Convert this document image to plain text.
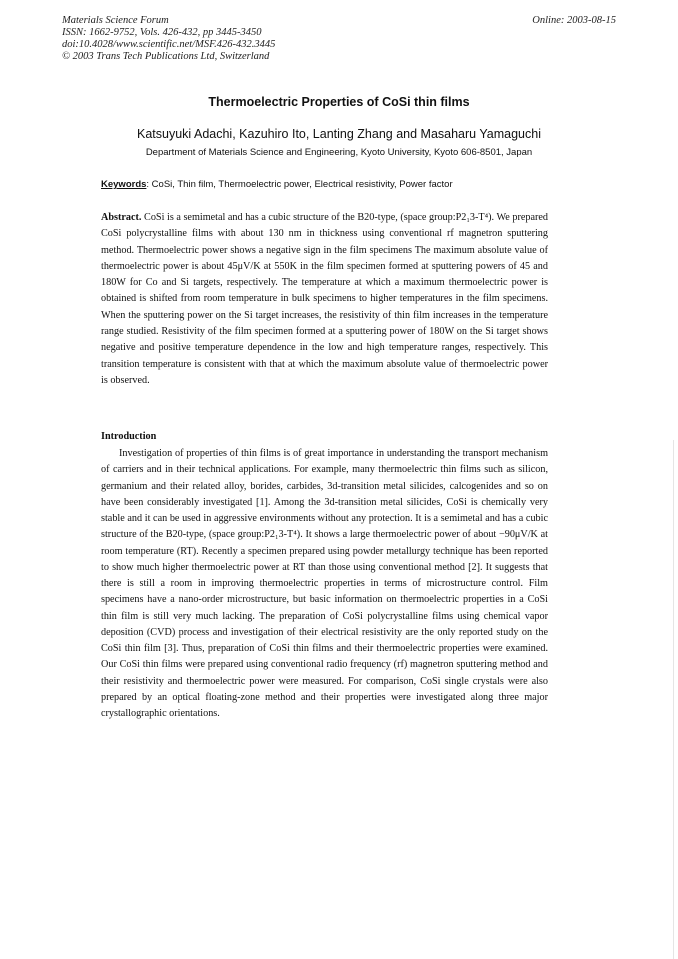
Materials Science Forum
ISSN: 1662-9752, Vols. 426-432, pp 3445-3450
doi:10.4028/www.scientific.net/MSF.426-432.3445
© 2003 Trans Tech Publications Ltd, Switzerland
Online: 2003-08-15
Thermoelectric Properties of CoSi thin films
Katsuyuki Adachi, Kazuhiro Ito, Lanting Zhang and Masaharu Yamaguchi
Department of Materials Science and Engineering, Kyoto University, Kyoto 606-8501, Japan
Keywords: CoSi, Thin film, Thermoelectric power, Electrical resistivity, Power factor

Abstract. CoSi is a semimetal and has a cubic structure of the B20-type, (space group:P2₁3-T⁴). We prepared CoSi polycrystalline films with about 130 nm in thickness using conventional rf magnetron sputtering method. Thermoelectric power shows a negative sign in the film specimens The maximum absolute value of thermoelectric power is about 45μV/K at 550K in the film specimen formed at sputtering powers of 45 and 180W for Co and Si targets, respectively. The temperature at which a maximum thermoelectric power is obtained is shifted from room temperature in bulk specimens to higher temperatures in the film specimens. When the sputtering power on the Si target increases, the resistivity of thin film increases in the temperature range studied. Resistivity of the film specimen formed at a sputtering power of 180W on the Si target shows negative and positive temperature dependence in the low and high temperature ranges, respectively. This transition temperature is consistent with that at which the maximum absolute value of thermoelectric power is observed.

Introduction

Investigation of properties of thin films is of great importance in understanding the transport mechanism of carriers and in their technical applications. For example, many thermoelectric thin films such as silicon, germanium and their related alloy, borides, carbides, 3d-transition metal silicides, calcogenides and so on have been considerably investigated [1]. Among the 3d-transition metal silicides, CoSi is chemically very stable and it can be used in aggressive environments without any protection. It is a semimetal and has a cubic structure of the B20-type, (space group:P2₁3-T⁴). It shows a large thermoelectric power of about −90μV/K at room temperature (RT). Recently a specimen prepared using powder metallurgy technique has been reported to show much higher thermoelectric power at RT than those using conventional method [2]. It suggests that there is still a room in improving thermoelectric properties in terms of microstructure control. Film specimens have a nano-order microstructure, but basic information on thermoelectric properties in a CoSi thin film is still very much lacking. The preparation of CoSi polycrystalline films using chemical vapor deposition (CVD) process and investigation of their electrical resistivity are the only reported study on the CoSi thin film [3]. Thus, preparation of CoSi thin films and their thermoelectric properties were examined. Our CoSi thin films were prepared using conventional radio frequency (rf) magnetron sputtering method and their resistivity and thermoelectric power were measured. For comparison, CoSi single crystals were also prepared by an optical floating-zone method and their properties were investigated along three major crystallographic orientations.
